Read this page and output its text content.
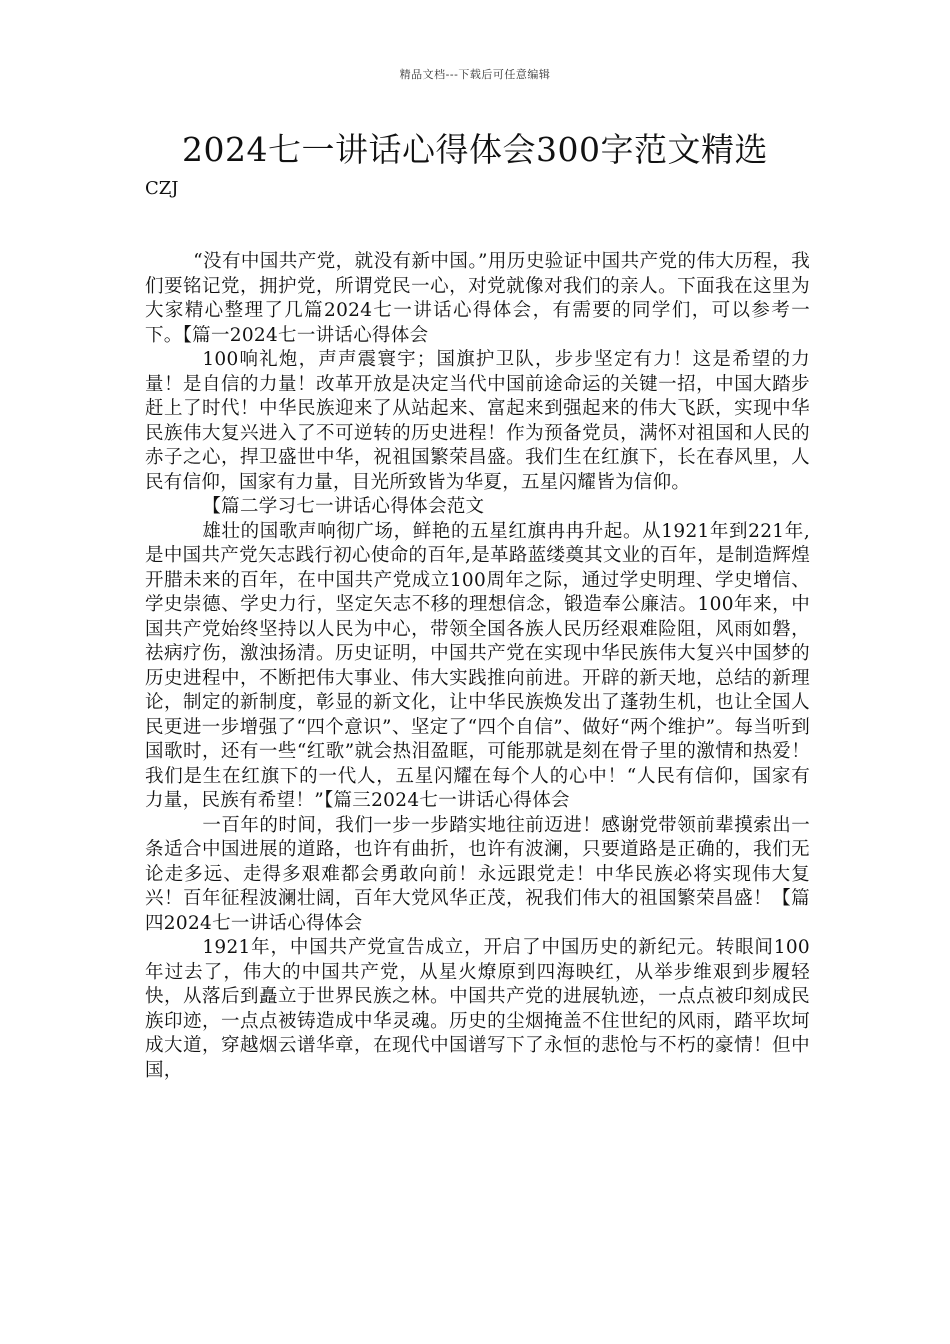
精品文档---下载后可任意编辑
2024七一讲话心得体会300字范文精选
CZJ

“没有中国共产党，就没有新中国。”用历史验证中国共产党的伟大历程，我们要铭记党，拥护党，所谓党民一心，对党就像对我们的亲人。下面我在这里为大家精心整理了几篇2024七一讲话心得体会，有需要的同学们，可以参考一下。【篇一2024七一讲话心得体会

100响礼炮，声声震寰宇；国旗护卫队，步步坚定有力！这是希望的力量！是自信的力量！改革开放是决定当代中国前途命运的关键一招，中国大踏步赶上了时代！中华民族迎来了从站起来、富起来到强起来的伟大飞跃，实现中华民族伟大复兴进入了不可逆转的历史进程！作为预备党员，满怀对祖国和人民的赤子之心，捍卫盛世中华，祝祖国繁荣昌盛。我们生在红旗下，长在春风里，人民有信仰，国家有力量，目光所致皆为华夏，五星闪耀皆为信仰。

【篇二学习七一讲话心得体会范文

雄壮的国歌声响彻广场，鲜艳的五星红旗冉冉升起。从1921年到221年,是中国共产党矢志践行初心使命的百年,是革路蓝缕奠其文业的百年，是制造辉煌开腊未来的百年，在中国共产党成立100周年之际，通过学史明理、学史增信、学史崇德、学史力行，坚定矢志不移的理想信念，锻造奉公廉洁。100年来，中国共产党始终坚持以人民为中心，带领全国各族人民历经艰难险阻，风雨如磐，祛病疗伤，激浊扬清。历史证明，中国共产党在实现中华民族伟大复兴中国梦的历史进程中，不断把伟大事业、伟大实践推向前进。开辟的新天地，总结的新理论，制定的新制度，彰显的新文化，让中华民族焕发出了蓬勃生机，也让全国人民更进一步增强了“四个意识”、坚定了“四个自信”、做好“两个维护”。每当听到国歌时，还有一些“红歌”就会热泪盈眶，可能那就是刻在骨子里的激情和热爱！我们是生在红旗下的一代人，五星闪耀在每个人的心中！“人民有信仰，国家有力量，民族有希望！”【篇三2024七一讲话心得体会

一百年的时间，我们一步一步踏实地往前迈进！感谢党带领前辈摸索出一条适合中国进展的道路，也许有曲折，也许有波澜，只要道路是正确的，我们无论走多远、走得多艰难都会勇敢向前！永远跟党走！中华民族必将实现伟大复兴！百年征程波澜壮阔，百年大党风华正茂，祝我们伟大的祖国繁荣昌盛！【篇四2024七一讲话心得体会

1921年，中国共产党宣告成立，开启了中国历史的新纪元。转眼间100年过去了，伟大的中国共产党，从星火燎原到四海映红，从举步维艰到步履轻快，从落后到矗立于世界民族之林。中国共产党的进展轨迹，一点点被印刻成民族印迹，一点点被铸造成中华灵魂。历史的尘烟掩盖不住世纪的风雨，踏平坎坷成大道，穿越烟云谱华章，在现代中国谱写下了永恒的悲怆与不朽的豪情！但中国，
